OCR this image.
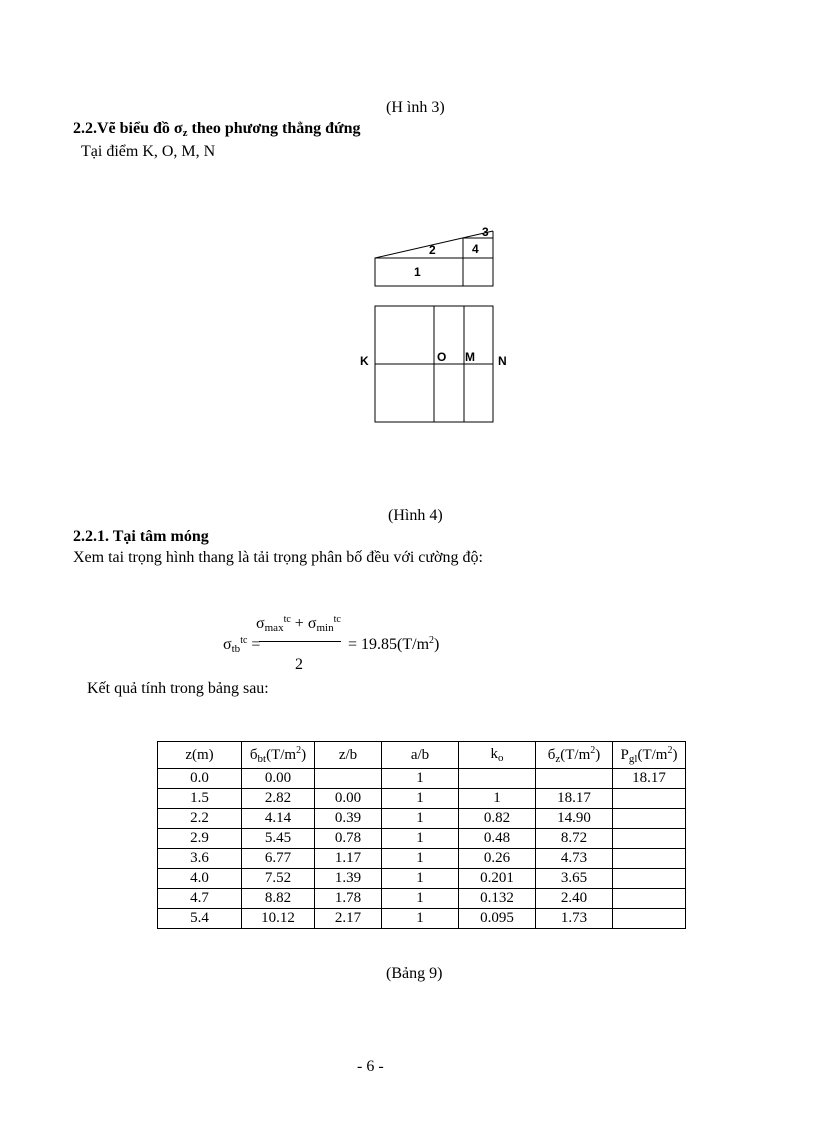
(H ình 3)
2.2.Vẽ biểu đồ $\sigma_z$ theo phương thẳng đứng
Tại điểm K, O, M, N
1
2
3
4
K	O M N
(Hình 4)
2.2.1. Tại tâm móng
Xem tai trọng hình thang là tải trọng phân bố đều với cường độ:
$\sigma_{tb}^{tc}$ =
$\sigma_{max}^{tc} + \sigma_{min}^{tc}$
2
= $19.85(T/m^2)$
Kết quả tính trong bảng sau:
z(m)	$б_{bt}(T/m^2)$	z/b	a/b	$k_o$	$б_z(T/m^2)$	$P_{gl}(T/m^2)$
0.0	0.00		1			18.17
1.5	2.82	0.00	1	1	18.17	
2.2	4.14	0.39	1	0.82	14.90	
2.9	5.45	0.78	1	0.48	8.72	
3.6	6.77	1.17	1	0.26	4.73	
4.0	7.52	1.39	1	0.201	3.65	
4.7	8.82	1.78	1	0.132	2.40	
5.4	10.12	2.17	1	0.095	1.73	
(Bảng 9)
- 6 -
